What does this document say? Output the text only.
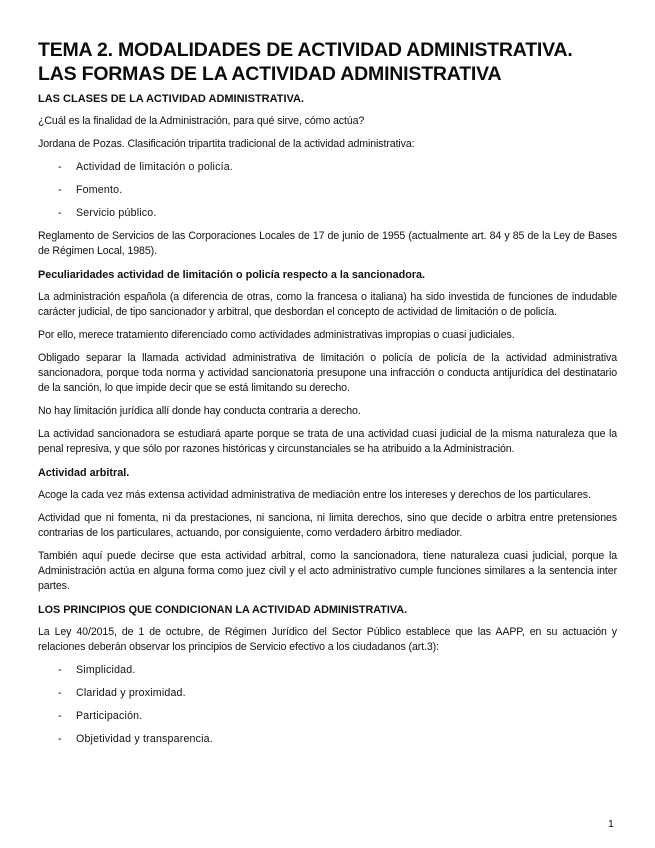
TEMA 2. MODALIDADES DE ACTIVIDAD ADMINISTRATIVA.
LAS FORMAS DE LA ACTIVIDAD ADMINISTRATIVA
LAS CLASES DE LA ACTIVIDAD ADMINISTRATIVA.

¿Cuál es la finalidad de la Administración, para qué sirve, cómo actúa?

Jordana de Pozas. Clasificación tripartita tradicional de la actividad administrativa:

- Actividad de limitación o policía.
- Fomento.
- Servicio público.

Reglamento de Servicios de las Corporaciones Locales de 17 de junio de 1955 (actualmente art. 84 y 85 de la Ley de Bases de Régimen Local, 1985).

Peculiaridades actividad de limitación o policía respecto a la sancionadora.

La administración española (a diferencia de otras, como la francesa o italiana) ha sido investida de funciones de indudable carácter judicial, de tipo sancionador y arbitral, que desbordan el concepto de actividad de limitación o de policía.

Por ello, merece tratamiento diferenciado como actividades administrativas impropias o cuasi judiciales.

Obligado separar la llamada actividad administrativa de limitación o policía de policía de la actividad administrativa sancionadora, porque toda norma y actividad sancionatoria presupone una infracción o conducta antijurídica del destinatario de la sanción, lo que impide decir que se está limitando su derecho.

No hay limitación jurídica allí donde hay conducta contraria a derecho.

La actividad sancionadora se estudiará aparte porque se trata de una actividad cuasi judicial de la misma naturaleza que la penal represiva, y que sólo por razones históricas y circunstanciales se ha atribuido a la Administración.

Actividad arbitral.

Acoge la cada vez más extensa actividad administrativa de mediación entre los intereses y derechos de los particulares.

Actividad que ni fomenta, ni da prestaciones, ni sanciona, ni limita derechos, sino que decide o arbitra entre pretensiones contrarias de los particulares, actuando, por consiguiente, como verdadero árbitro mediador.

También aquí puede decirse que esta actividad arbitral, como la sancionadora, tiene naturaleza cuasi judicial, porque la Administración actúa en alguna forma como juez civil y el acto administrativo cumple funciones similares a la sentencia inter partes.

LOS PRINCIPIOS QUE CONDICIONAN LA ACTIVIDAD ADMINISTRATIVA.

La Ley 40/2015, de 1 de octubre, de Régimen Jurídico del Sector Público establece que las AAPP, en su actuación y relaciones deberán observar los principios de Servicio efectivo a los ciudadanos (art.3):

- Simplicidad.
- Claridad y proximidad.
- Participación.
- Objetividad y transparencia.
1
